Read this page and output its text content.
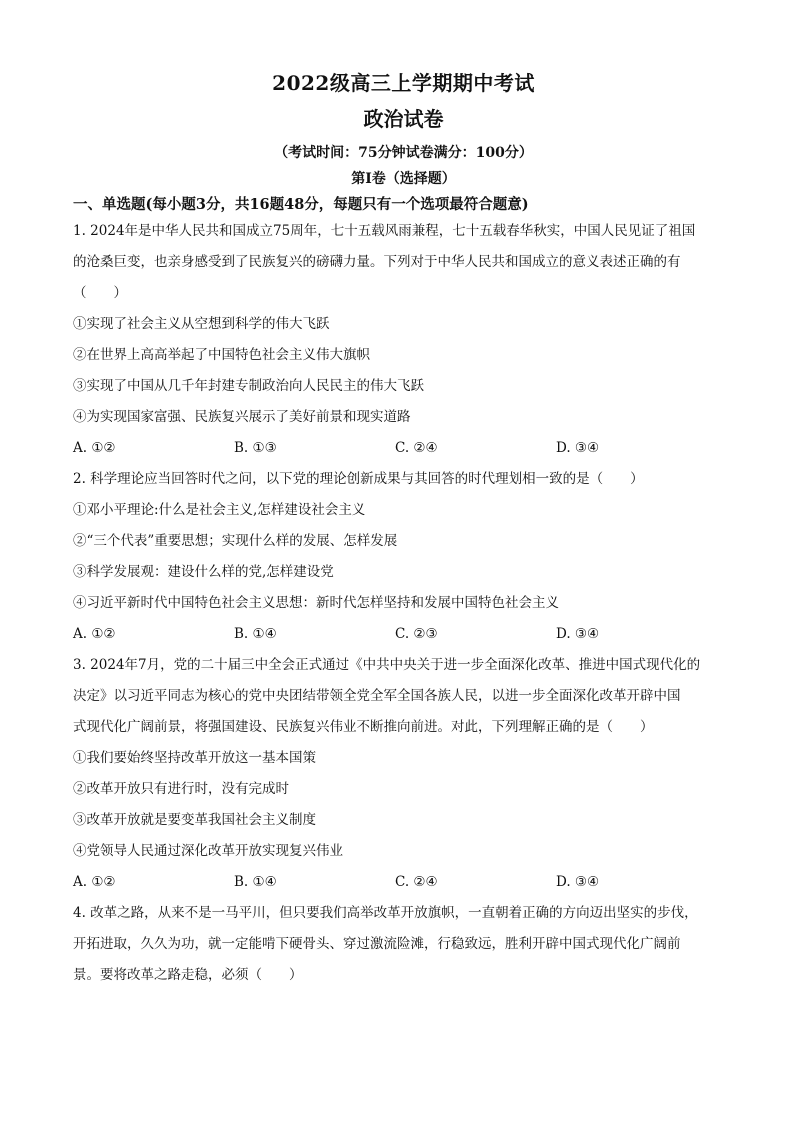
2022级高三上学期期中考试
政治试卷
（考试时间：75分钟试卷满分：100分）
第Ⅰ卷（选择题）
一、单选题(每小题3分，共16题48分，每题只有一个选项最符合题意)
1. 2024年是中华人民共和国成立75周年，七十五载风雨兼程，七十五载春华秋实，中国人民见证了祖国
的沧桑巨变，也亲身感受到了民族复兴的磅礴力量。下列对于中华人民共和国成立的意义表述正确的有
（　　）
①实现了社会主义从空想到科学的伟大飞跃
②在世界上高高举起了中国特色社会主义伟大旗帜
③实现了中国从几千年封建专制政治向人民民主的伟大飞跃
④为实现国家富强、民族复兴展示了美好前景和现实道路
A. ①②	B. ①③	C. ②④	D. ③④
2. 科学理论应当回答时代之问，以下党的理论创新成果与其回答的时代理划相一致的是（　　）
①邓小平理论:什么是社会主义,怎样建设社会主义
②“三个代表”重要思想；实现什么样的发展、怎样发展
③科学发展观：建设什么样的党,怎样建设党
④习近平新时代中国特色社会主义思想：新时代怎样坚持和发展中国特色社会主义
A. ①②	B. ①④	C. ②③	D. ③④
3. 2024年7月，党的二十届三中全会正式通过《中共中央关于进一步全面深化改革、推进中国式现代化的
决定》以习近平同志为核心的党中央团结带领全党全军全国各族人民，以进一步全面深化改革开辟中国
式现代化广阔前景，将强国建设、民族复兴伟业不断推向前进。对此，下列理解正确的是（　　）
①我们要始终坚持改革开放这一基本国策
②改革开放只有进行时，没有完成时
③改革开放就是要变革我国社会主义制度
④党领导人民通过深化改革开放实现复兴伟业
A. ①②	B. ①④	C. ②④	D. ③④
4. 改革之路，从来不是一马平川，但只要我们高举改革开放旗帜，一直朝着正确的方向迈出坚实的步伐，
开拓进取，久久为功，就一定能啃下硬骨头、穿过激流险滩，行稳致远，胜利开辟中国式现代化广阔前
景。要将改革之路走稳，必须（　　）
